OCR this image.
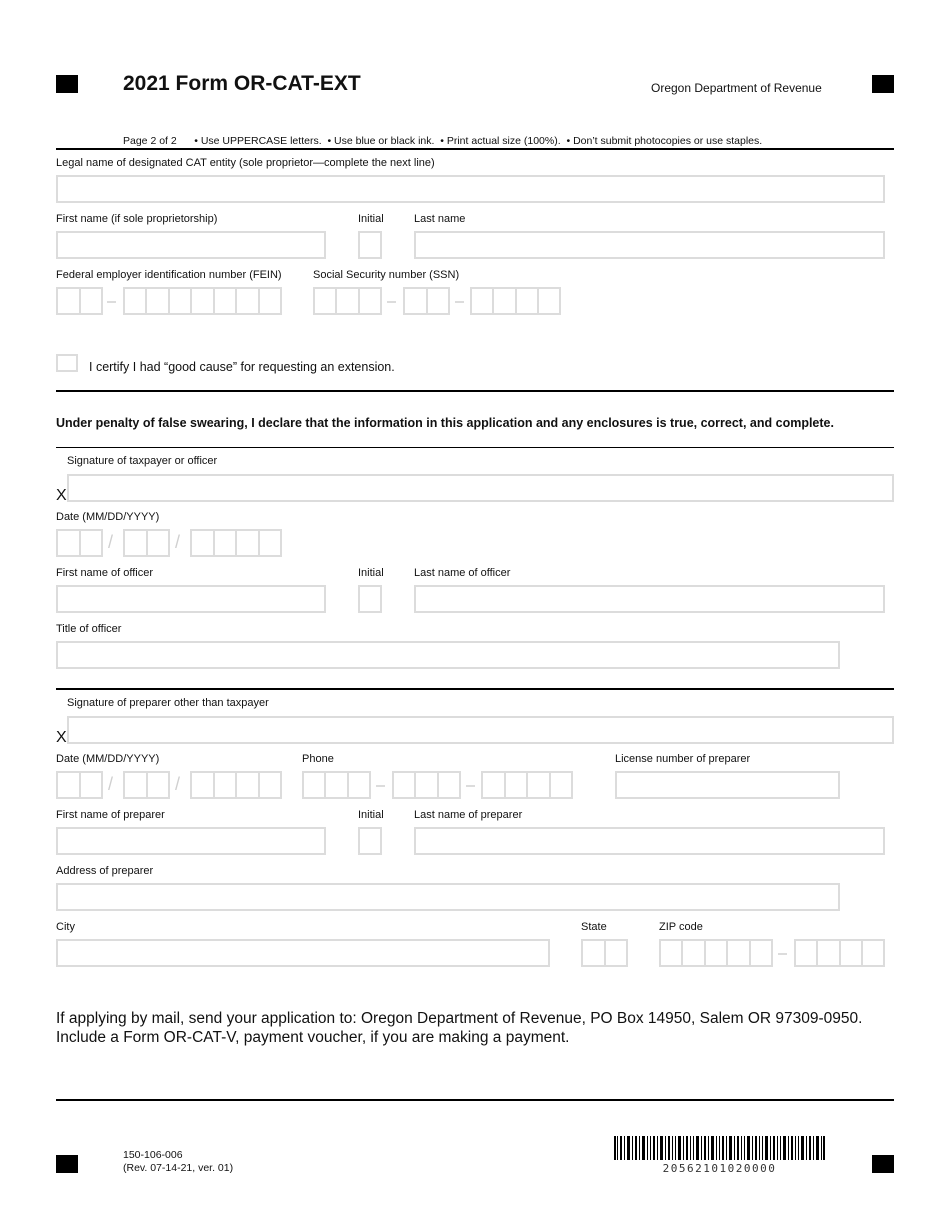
2021 Form OR-CAT-EXT	Oregon Department of Revenue
Page 2 of 2 • Use UPPERCASE letters.  • Use blue or black ink.  • Print actual size (100%).  • Don’t submit photocopies or use staples.
Legal name of designated CAT entity (sole proprietor—complete the next line)
First name (if sole proprietorship)	Initial	Last name
Federal employer identification number (FEIN)	Social Security number (SSN)
I certify I had “good cause” for requesting an extension.
Under penalty of false swearing, I declare that the information in this application and any enclosures is true, correct, and complete.
Signature of taxpayer or officer
X
Date (MM/DD/YYYY)
/	/
First name of officer	Initial	Last name of officer
Title of officer
Signature of preparer other than taxpayer
X
Date (MM/DD/YYYY)
/	/
Phone	License number of preparer
First name of preparer	Initial	Last name of preparer
Address of preparer
City	State	ZIP code
If applying by mail, send your application to: Oregon Department of Revenue, PO Box 14950, Salem OR 97309-0950.
Include a Form OR-CAT-V, payment voucher, if you are making a payment.
150-106-006
(Rev. 07-14-21, ver. 01)	20562101020000
